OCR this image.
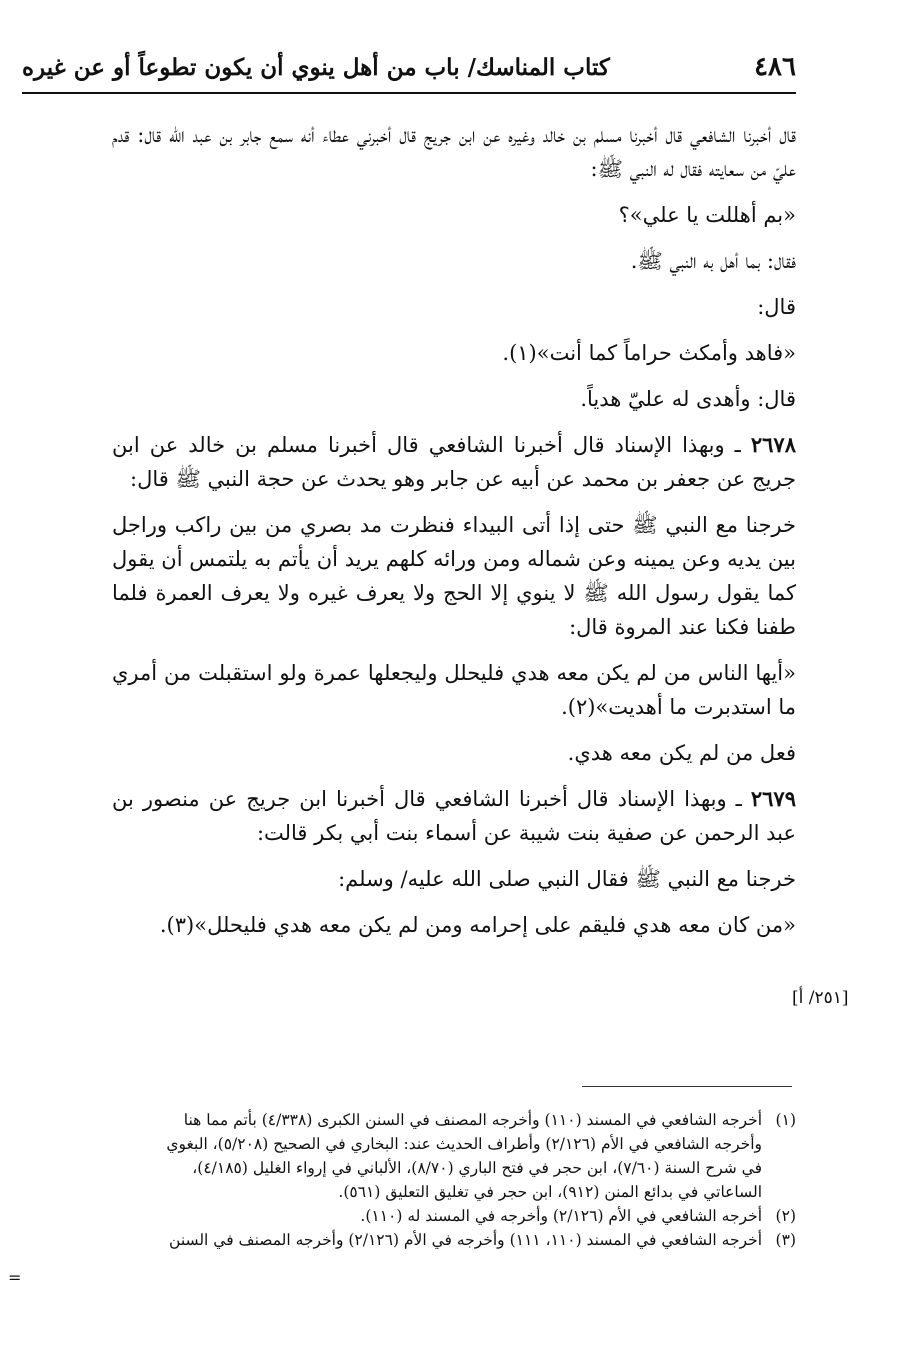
٤٨٦
كتاب المناسك/ باب من أهل ينوي أن يكون تطوعاً أو عن غيره

قال أخبرنا الشافعي قال أخبرنا مسلم بن خالد وغيره عن ابن جريج قال أخبرني عطاء أنه سمع جابر بن عبد الله قال: قدم عليّ من سعايته فقال له النبي ﷺ:

«بم أهللت يا علي»؟

فقال: بما أهل به النبي ﷺ.

قال:

«فاهد وأمكث حراماً كما أنت»(١).

قال: وأهدى له عليّ هدياً.

٢٦٧٨ ـ وبهذا الإسناد قال أخبرنا الشافعي قال أخبرنا مسلم بن خالد عن ابن جريج عن جعفر بن محمد عن أبيه عن جابر وهو يحدث عن حجة النبي ﷺ قال:

خرجنا مع النبي ﷺ حتى إذا أتى البيداء فنظرت مد بصري من بين راكب وراجل بين يديه وعن يمينه وعن شماله ومن ورائه كلهم يريد أن يأتم به يلتمس أن يقول كما يقول رسول الله ﷺ لا ينوي إلا الحج ولا يعرف غيره ولا يعرف العمرة فلما طفنا فكنا عند المروة قال:

«أيها الناس من لم يكن معه هدي فليحلل وليجعلها عمرة ولو استقبلت من أمري ما استدبرت ما أهديت»(٢).

فعل من لم يكن معه هدي.

٢٦٧٩ ـ وبهذا الإسناد قال أخبرنا الشافعي قال أخبرنا ابن جريج عن منصور بن عبد الرحمن عن صفية بنت شيبة عن أسماء بنت أبي بكر قالت:

خرجنا مع النبي ﷺ فقال النبي صلى الله عليه/ وسلم:

«من كان معه هدي فليقم على إحرامه ومن لم يكن معه هدي فليحلل»(٣).

[٢٥١/ أ]

(١)أخرجه الشافعي في المسند (١١٠) وأخرجه المصنف في السنن الكبرى (٤/٣٣٨) بأتم مما هنا

وأخرجه الشافعي في الأم (٢/١٢٦) وأطراف الحديث عند: البخاري في الصحيح (٥/٢٠٨)، البغوي

في شرح السنة (٧/٦٠)، ابن حجر في فتح الباري (٨/٧٠)، الألباني في إرواء الغليل (٤/١٨٥)،

الساعاتي في بدائع المنن (٩١٢)، ابن حجر في تغليق التعليق (٥٦١).

(٢)أخرجه الشافعي في الأم (٢/١٢٦) وأخرجه في المسند له (١١٠).

(٣)أخرجه الشافعي في المسند (١١٠، ١١١) وأخرجه في الأم (٢/١٢٦) وأخرجه المصنف في السنن

=
